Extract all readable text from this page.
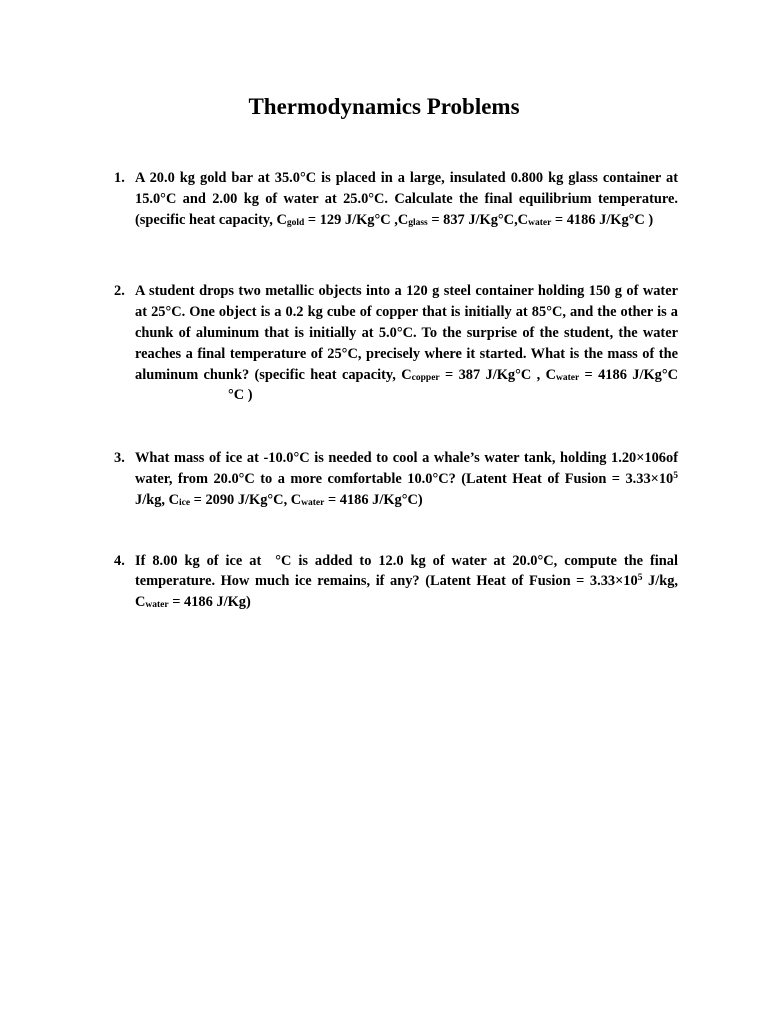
Thermodynamics Problems
1. A 20.0 kg gold bar at 35.0°C is placed in a large, insulated 0.800 kg glass container at 15.0°C and 2.00 kg of water at 25.0°C. Calculate the final equilibrium temperature. (specific heat capacity, $C_{gold} = 129$ J/Kg°C $,C_{glass} = 837$ $J/Kg^\circ C,C_{water} = 4186$ J/Kg°C )
2. A student drops two metallic objects into a 120 g steel container holding 150 g of water at 25°C. One object is a 0.2 kg cube of copper that is initially at 85°C, and the other is a chunk of aluminum that is initially at 5.0°C. To the surprise of the student, the water reaches a final temperature of 25°C, precisely where it started. What is the mass of the aluminum chunk? (specific heat capacity, $C_{copper} = 387$ J/Kg°C , $C_{water} = 4186$ J/Kg°C°C )
3. What mass of ice at -10.0°C is needed to cool a whale’s water tank, holding 1.20×106of water, from 20.0°C to a more comfortable 10.0°C? (Latent Heat of Fusion = $3.33\times 10^5$ J/kg, $C_{ice} = 2090$ J/Kg°C, $C_{water} = 4186$ J/Kg°C)
4. If 8.00 kg of ice at °C is added to 12.0 kg of water at 20.0°C, compute the final temperature. How much ice remains, if any? (Latent Heat of Fusion = $3.33\times 10^5$ J/kg, $C_{water} = 4186$ J/Kg)
